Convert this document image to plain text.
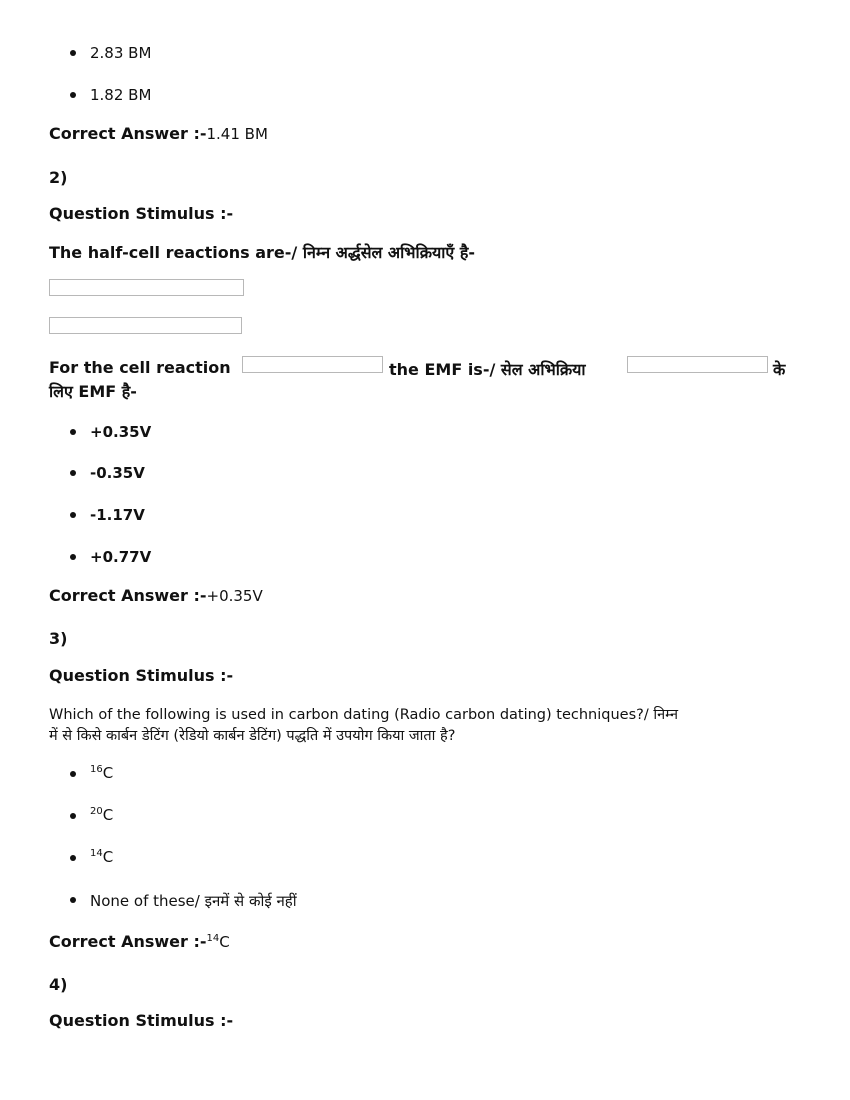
2.83 BM
1.82 BM
Correct Answer :-1.41 BM
2)
Question Stimulus :-
The half-cell reactions are-/ निम्न अर्द्धसेल अभिक्रियाएँ है-
For the cell reaction	the EMF is-/ सेल अभिक्रिया	के
लिए EMF है-
+0.35V
-0.35V
-1.17V
+0.77V
Correct Answer :-+0.35V
3)
Question Stimulus :-
Which of the following is used in carbon dating (Radio carbon dating) techniques?/ निम्न
में से किसे कार्बन डेटिंग (रेडियो कार्बन डेटिंग) पद्धति में उपयोग किया जाता है?
$^{16}$C
$^{20}$C
$^{14}$C
None of these/ इनमें से कोई नहीं
Correct Answer :-$^{14}$C
4)
Question Stimulus :-
